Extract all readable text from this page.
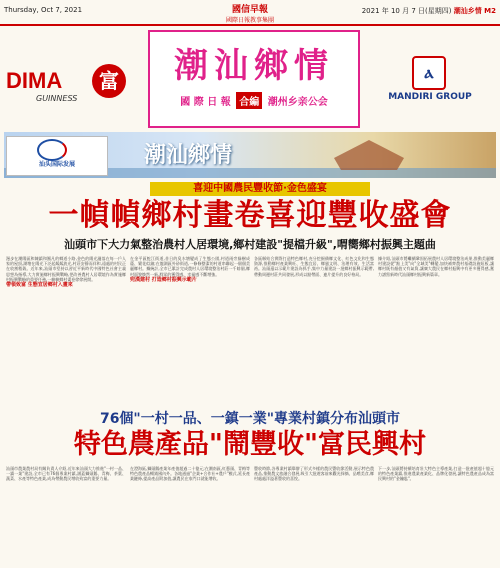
Thursday, Oct 7, 2021	國信早報
國際日報教事集團
2021 年 10 月 7 日(星期四) 潮汕乡情 M2
DIMA	富
GUINNESS
潮汕鄉情
國 際 日 報 合編 潮州乡亲公会
ⲁ
MANDIRI GROUP
潮汕鄉情
汕头国际发展
喜迎中國農民豐收節·金色盛宴
一幀幀鄉村畫卷喜迎豐收盛會
汕頭市下大力氣整治農村人居環境,鄉村建設"提檔升級",喟嚮鄉村振興主題曲
漫步在潮陽區和陳鎮和鳳凡的鄉道小路,金色的陽光灑落在每一戶人家的屋頂,湖塘在陽光下泛起粼粼波光,村莊安靜而祥和,遠處的村民正在收割稻穀。近年來,汕頭市堅持以習近平新時代中國特色社會主義思想為指導,大力實施鄉村振興戰略,把改善農村人居環境作為實施鄉村振興戰略的重要任務,一幀幀鄉村畫卷徐徐展開。
帶領致富 生態宜居鄉村入畫來
在金平區鮀江街道,昔日的臭水塘變成了生態公園,村道兩旁綠樹成蔭、繁花似錦;在龍湖區外砂街道,一條條整潔的村道串聯起一個個美麗鄉村。據統計,全市已累計完成農村人居環境整治村莊一千餘個,鄉村面貌煥然一新,群眾的獲得感、幸福感不斷增強。
兜漢建村 打造鄉村振興示範片
各區縣結合實際打造特色鄉村,充分挖掘僑鄉文化、紅色文化和生態資源,推動鄉村產業興旺、生態宜居、鄉風文明、治理有效、生活富裕。汕頭還以示範片建設為抓手,集中力量建設一批鄉村振興示範帶,帶動周邊村莊共同發展,形成以點帶面、連片提升的良好格局。
據介紹,汕頭市將繼續鞏固拓展農村人居環境整治成果,推動美麗鄉村建設從"點上美"向"全域美"轉變,加快補齊農村基礎設施短板,讓鄉村既有顏值又有氣質,讓廣大農民在鄉村振興中有更多獲得感,奮力譜寫新時代汕頭鄉村振興新篇章。
76個"一村一品、一鎮一業"專業村鎮分布汕頭市
特色農產品"鬧豐收"富民興村
汕頭市農業農村局有關負責人介紹,近年來汕頭大力推進"一村一品、一鎮一業"建設,全市已有76個專業村鎮,涵蓋獅頭鵝、青梅、茶葉、蔬菜、水產等特色產業,成為帶動農民增收致富的重要力量。
在澄海區,獅頭鵝產業年產值超過二十億元;在潮南區,紅蔥頭、青梅等特色農產品暢銷國內外。各地通過"企業+合作社+農戶"模式,延長產業鏈條,提高產品附加值,讓農民在家門口就能增收。
豐收時節,各專業村鎮舉辦了形式多樣的農民豐收節活動,展示特色農產品,推動農文旅融合發展,吸引大批遊客前來觀光採摘、品嚐美食,鄉村處處洋溢著豐收的喜悅。
下一步,汕頭將持續培育壯大特色主導產業,打造一批產值超十億元的特色產業鎮,推進農業產業化、品牌化發展,讓特色農產品成為富民興村的"金鑰匙"。
